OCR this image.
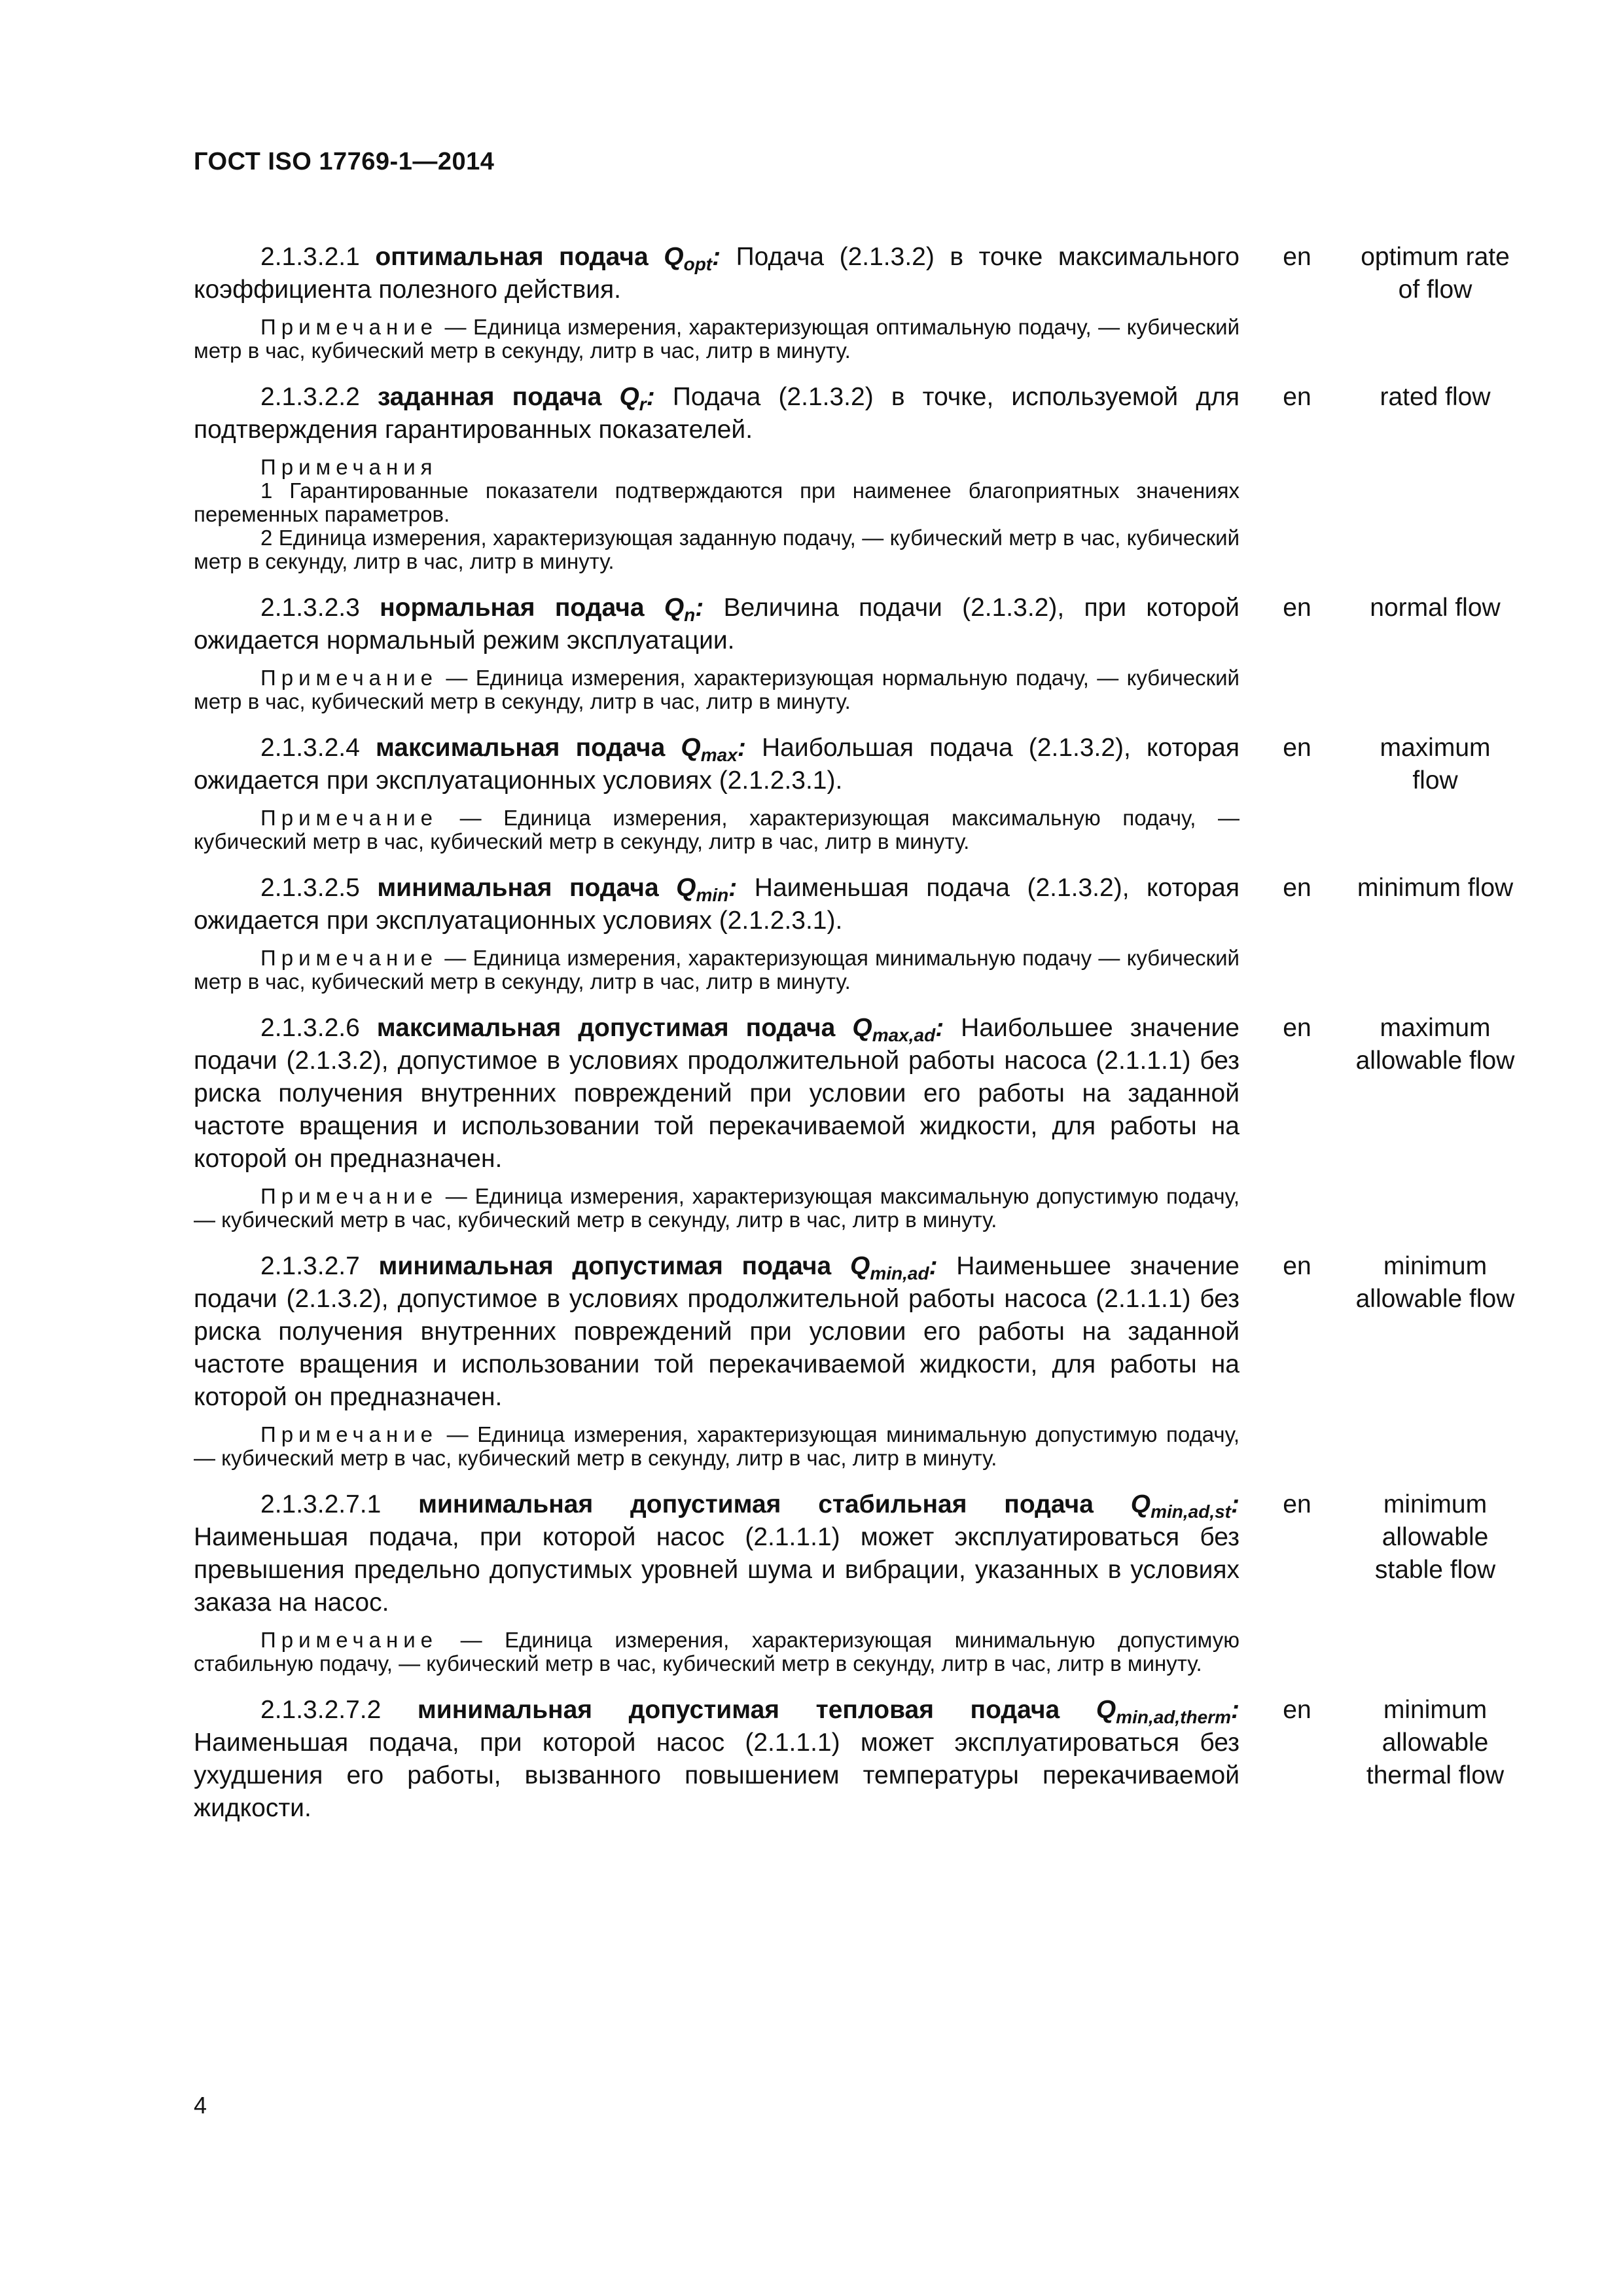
ГОСТ ISO 17769-1—2014
2.1.3.2.1 оптимальная подача $Q_{opt}$: Подача (2.1.3.2) в точке максимального коэффициента полезного действия.
en	optimum rate of flow
Примечание — Единица измерения, характеризующая оптимальную подачу, — кубический метр в час, кубический метр в секунду, литр в час, литр в минуту.
2.1.3.2.2 заданная подача $Q_r$: Подача (2.1.3.2) в точке, используемой для подтверждения гарантированных показателей.
en	rated flow
Примечания
1 Гарантированные показатели подтверждаются при наименее благоприятных значениях переменных параметров.
2 Единица измерения, характеризующая заданную подачу, — кубический метр в час, кубический метр в секунду, литр в час, литр в минуту.
2.1.3.2.3 нормальная подача $Q_n$: Величина подачи (2.1.3.2), при которой ожидается нормальный режим эксплуатации.
en	normal flow
Примечание — Единица измерения, характеризующая нормальную подачу, — кубический метр в час, кубический метр в секунду, литр в час, литр в минуту.
2.1.3.2.4 максимальная подача $Q_{max}$: Наибольшая подача (2.1.3.2), которая ожидается при эксплуатационных условиях (2.1.2.3.1).
en	maximum flow
Примечание — Единица измерения, характеризующая максимальную подачу, — кубический метр в час, кубический метр в секунду, литр в час, литр в минуту.
2.1.3.2.5 минимальная подача $Q_{min}$: Наименьшая подача (2.1.3.2), которая ожидается при эксплуатационных условиях (2.1.2.3.1).
en	minimum flow
Примечание — Единица измерения, характеризующая минимальную подачу — кубический метр в час, кубический метр в секунду, литр в час, литр в минуту.
2.1.3.2.6 максимальная допустимая подача $Q_{max,ad}$: Наибольшее значение подачи (2.1.3.2), допустимое в условиях продолжительной работы насоса (2.1.1.1) без риска получения внутренних повреждений при условии его работы на заданной частоте вращения и использовании той перекачиваемой жидкости, для работы на которой он предназначен.
en	maximum allowable flow
Примечание — Единица измерения, характеризующая максимальную допустимую подачу, — кубический метр в час, кубический метр в секунду, литр в час, литр в минуту.
2.1.3.2.7 минимальная допустимая подача $Q_{min,ad}$: Наименьшее значение подачи (2.1.3.2), допустимое в условиях продолжительной работы насоса (2.1.1.1) без риска получения внутренних повреждений при условии его работы на заданной частоте вращения и использовании той перекачиваемой жидкости, для работы на которой он предназначен.
en	minimum allowable flow
Примечание — Единица измерения, характеризующая минимальную допустимую подачу, — кубический метр в час, кубический метр в секунду, литр в час, литр в минуту.
2.1.3.2.7.1 минимальная допустимая стабильная подача $Q_{min,ad,st}$: Наименьшая подача, при которой насос (2.1.1.1) может эксплуатироваться без превышения предельно допустимых уровней шума и вибрации, указанных в условиях заказа на насос.
en	minimum allowable stable flow
Примечание — Единица измерения, характеризующая минимальную допустимую стабильную подачу, — кубический метр в час, кубический метр в секунду, литр в час, литр в минуту.
2.1.3.2.7.2 минимальная допустимая тепловая подача $Q_{min,ad,therm}$: Наименьшая подача, при которой насос (2.1.1.1) может эксплуатироваться без ухудшения его работы, вызванного повышением температуры перекачиваемой жидкости.
en	minimum allowable thermal flow
4
